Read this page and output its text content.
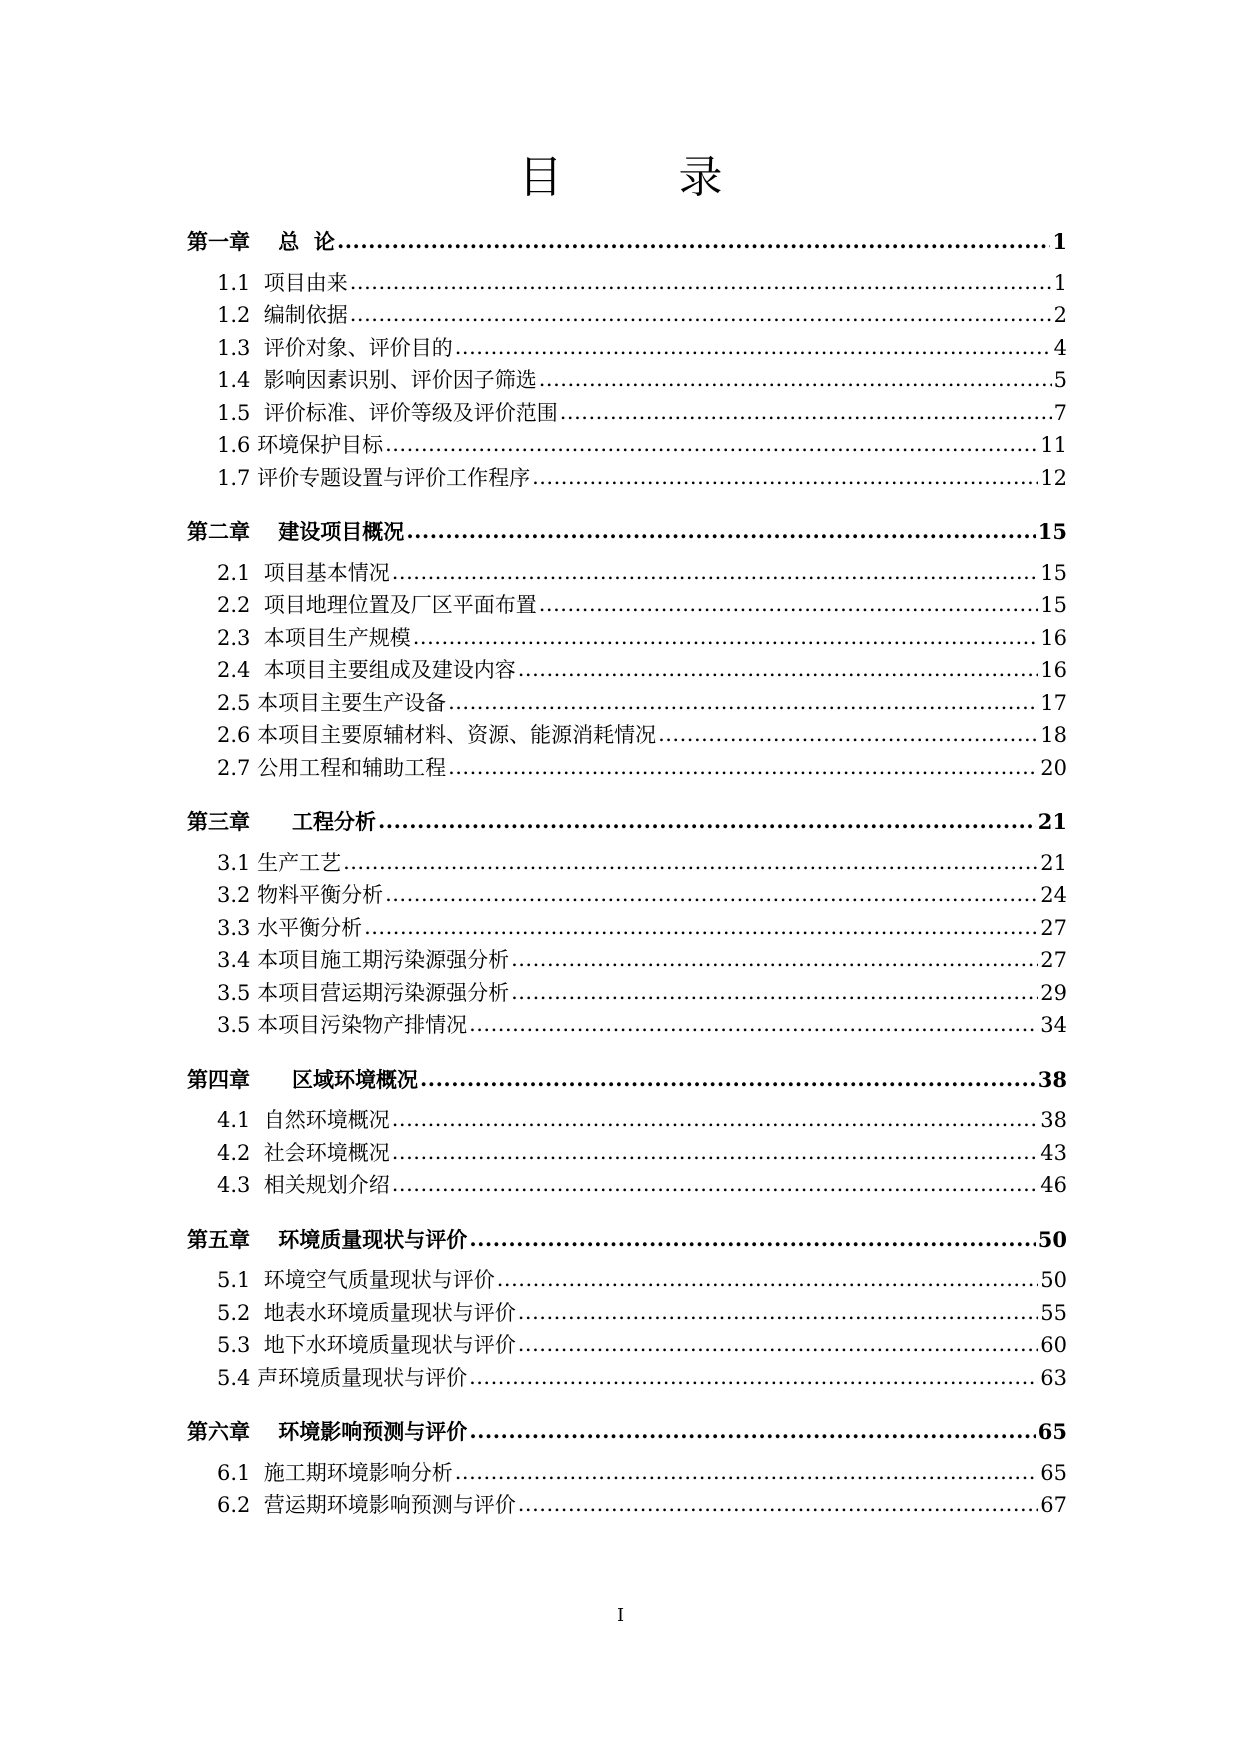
目　录
第一章　 总  论 .....	1
1.1  项目由来 .....	1
1.2  编制依据 .....	2
1.3  评价对象、评价目的 .....	4
1.4  影响因素识别、评价因子筛选 .....	5
1.5  评价标准、评价等级及评价范围 .....	7
1.6 环境保护目标 .....	11
1.7 评价专题设置与评价工作程序 .....	12
第二章　 建设项目概况 .....	15
2.1  项目基本情况 .....	15
2.2  项目地理位置及厂区平面布置 .....	15
2.3  本项目生产规模 .....	16
2.4  本项目主要组成及建设内容 .....	16
2.5 本项目主要生产设备 .....	17
2.6 本项目主要原辅材料、资源、能源消耗情况 .....	18
2.7 公用工程和辅助工程 .....	20
第三章　　工程分析 .....	21
3.1 生产工艺 .....	21
3.2 物料平衡分析 .....	24
3.3 水平衡分析 .....	27
3.4 本项目施工期污染源强分析 .....	27
3.5 本项目营运期污染源强分析 .....	29
3.5 本项目污染物产排情况 .....	34
第四章　　区域环境概况 .....	38
4.1  自然环境概况 .....	38
4.2  社会环境概况 .....	43
4.3  相关规划介绍 .....	46
第五章　 环境质量现状与评价 .....	50
5.1  环境空气质量现状与评价 .....	50
5.2  地表水环境质量现状与评价 .....	55
5.3  地下水环境质量现状与评价 .....	60
5.4 声环境质量现状与评价 .....	63
第六章　 环境影响预测与评价 .....	65
6.1  施工期环境影响分析 .....	65
6.2  营运期环境影响预测与评价 .....	67
I
